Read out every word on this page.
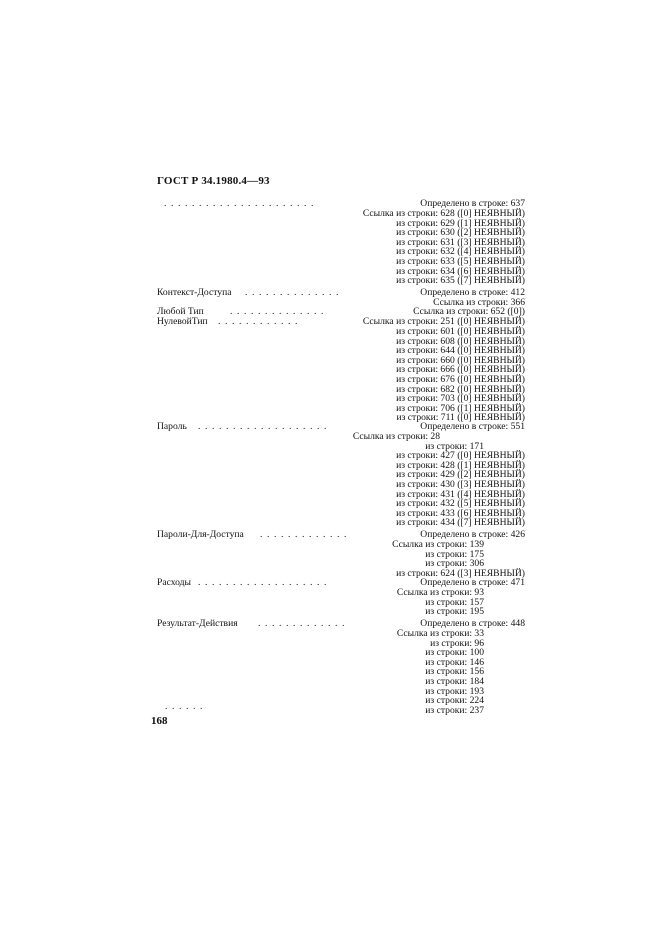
ГОСТ Р 34.1980.4—93
Определено в строке: 637
......................
Ссылка из строки: 628 ([0] НЕЯВНЫЙ)
из строки: 629 ([1] НЕЯВНЫЙ)
из строки: 630 ([2] НЕЯВНЫЙ)
из строки: 631 ([3] НЕЯВНЫЙ)
из строки: 632 ([4] НЕЯВНЫЙ)
из строки: 633 ([5] НЕЯВНЫЙ)
из строки: 634 ([6] НЕЯВНЫЙ)
из строки: 635 ([7] НЕЯВНЫЙ)
Контекст-Доступа	Определено в строке: 412
..............
Ссылка из строки: 366
Любой Тип	Ссылка из строки: 652 ([0])
..............
НулевойТип	Ссылка из строки: 251 ([0] НЕЯВНЫЙ)
............
из строки: 601 ([0] НЕЯВНЫЙ)
из строки: 608 ([0] НЕЯВНЫЙ)
из строки: 644 ([0] НЕЯВНЫЙ)
из строки: 660 ([0] НЕЯВНЫЙ)
из строки: 666 ([0] НЕЯВНЫЙ)
из строки: 676 ([0] НЕЯВНЫЙ)
из строки: 682 ([0] НЕЯВНЫЙ)
из строки: 703 ([0] НЕЯВНЫЙ)
из строки: 706 ([1] НЕЯВНЫЙ)
из строки: 711 ([0] НЕЯВНЫЙ)
Пароль	Определено в строке: 551
...................
Ссылка из строки: 28
из строки: 171
из строки: 427 ([0] НЕЯВНЫЙ)
из строки: 428 ([1] НЕЯВНЫЙ)
из строки: 429 ([2] НЕЯВНЫЙ)
из строки: 430 ([3] НЕЯВНЫЙ)
из строки: 431 ([4] НЕЯВНЫЙ)
из строки: 432 ([5] НЕЯВНЫЙ)
из строки: 433 ([6] НЕЯВНЫЙ)
из строки: 434 ([7] НЕЯВНЫЙ)
Пароли-Для-Доступа	Определено в строке: 426
.............
Ссылка из строки: 139
из строки: 175
из строки: 306
из строки: 624 ([3] НЕЯВНЫЙ)
Расходы	Определено в строке: 471
...................
Ссылка из строки: 93
из строки: 157
из строки: 195
Результат-Действия	Определено в строке: 448
.............
Ссылка из строки: 33
из строки: 96
из строки: 100
из строки: 146
из строки: 156
из строки: 184
из строки: 193
из строки: 224
из строки: 237
......
168
